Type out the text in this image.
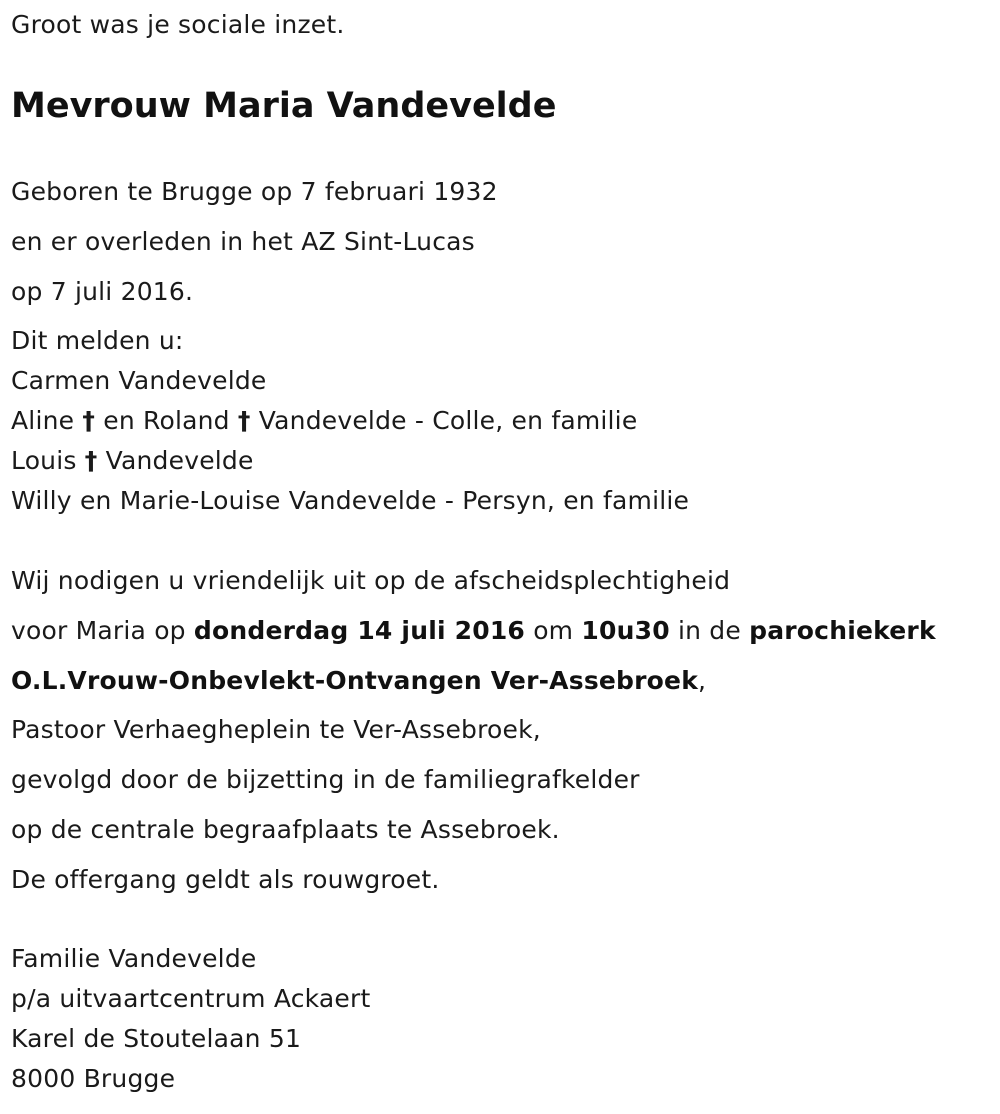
Groot was je sociale inzet.
Mevrouw Maria Vandevelde
Geboren te Brugge op 7 februari 1932
en er overleden in het AZ Sint-Lucas
op 7 juli 2016.
Dit melden u:
Carmen Vandevelde
Aline † en Roland † Vandevelde - Colle, en familie
Louis † Vandevelde
Willy en Marie-Louise Vandevelde - Persyn, en familie
Wij nodigen u vriendelijk uit op de afscheidsplechtigheid
voor Maria op donderdag 14 juli 2016 om 10u30 in de parochiekerk
O.L.Vrouw-Onbevlekt-Ontvangen Ver-Assebroek,
Pastoor Verhaegheplein te Ver-Assebroek,
gevolgd door de bijzetting in de familiegrafkelder
op de centrale begraafplaats te Assebroek.
De offergang geldt als rouwgroet.
Familie Vandevelde
p/a uitvaartcentrum Ackaert
Karel de Stoutelaan 51
8000 Brugge
